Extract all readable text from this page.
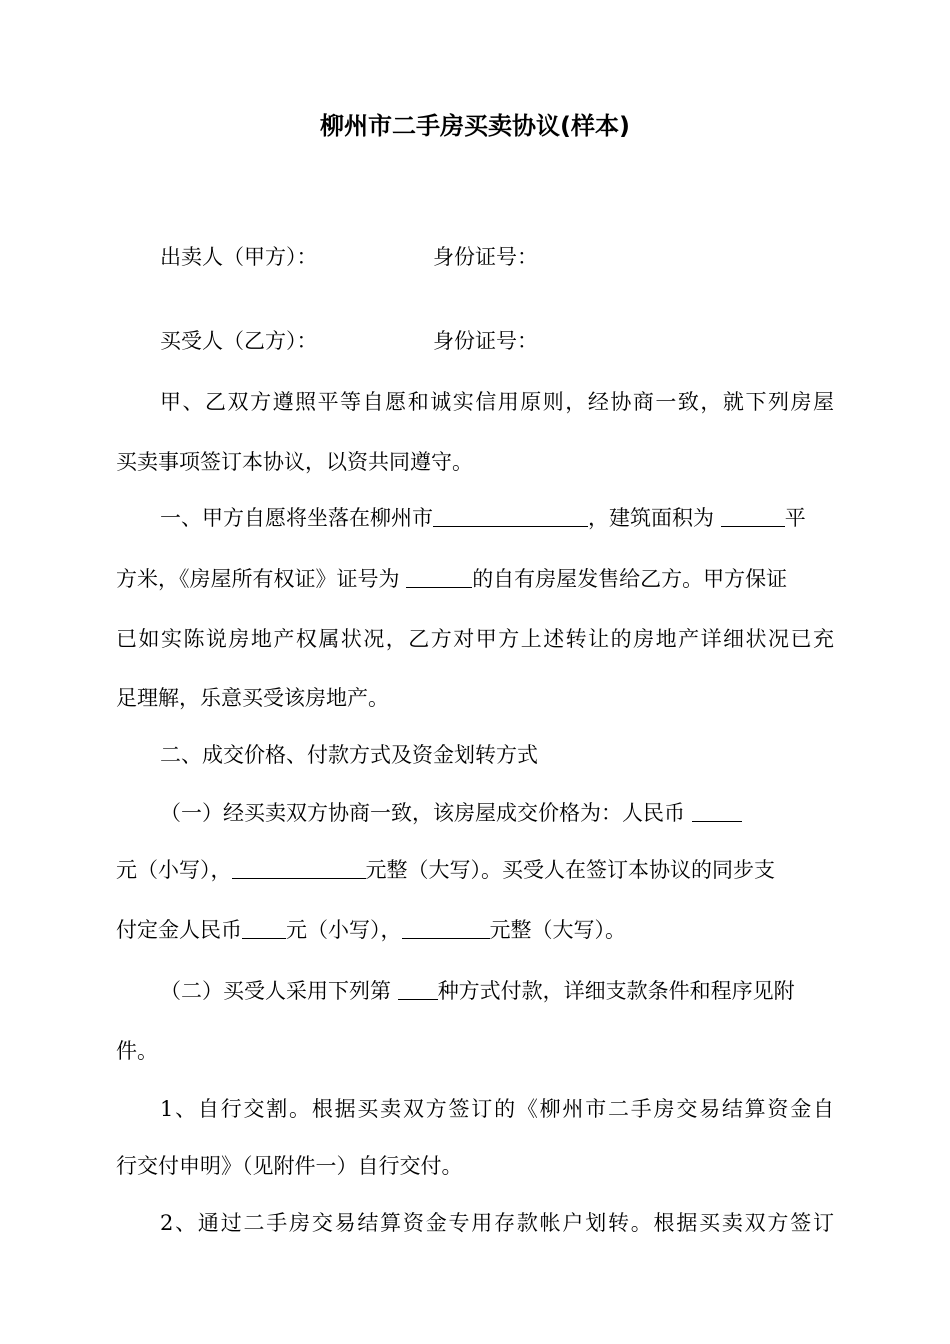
柳州市二手房买卖协议(样本)
出卖人（甲方）：	身份证号：
买受人（乙方）：	身份证号：
甲、乙双方遵照平等自愿和诚实信用原则，经协商一致，就下列房屋
买卖事项签订本协议，以资共同遵守。
一、甲方自愿将坐落在柳州市	，建筑面积为	平
方米，《房屋所有权证》证号为	的自有房屋发售给乙方。甲方保证
已如实陈说房地产权属状况，乙方对甲方上述转让的房地产详细状况已充
足理解，乐意买受该房地产。
二、成交价格、付款方式及资金划转方式
（一）经买卖双方协商一致，该房屋成交价格为：人民币
元（小写），	元整（大写）。买受人在签订本协议的同步支
付定金人民币 元（小写），	元整（大写）。
（二）买受人采用下列第 种方式付款，详细支款条件和程序见附
件。
1、自行交割。根据买卖双方签订的《柳州市二手房交易结算资金自
行交付申明》（见附件一）自行交付。
2、通过二手房交易结算资金专用存款帐户划转。根据买卖双方签订
